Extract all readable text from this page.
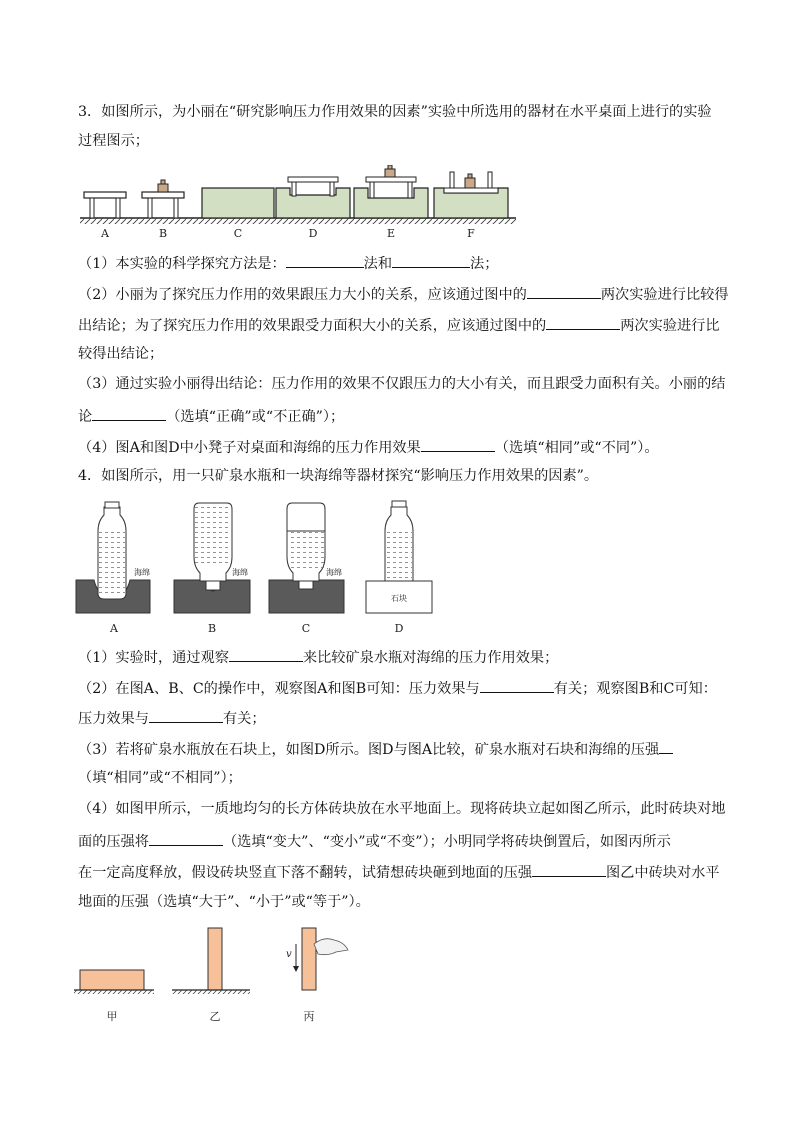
3．如图所示，为小丽在“研究影响压力作用效果的因素”实验中所选用的器材在水平桌面上进行的实验
过程图示；
A	B	C	D	E	F
（1）本实验的科学探究方法是：	法和	法；
（2）小丽为了探究压力作用的效果跟压力大小的关系，应该通过图中的	两次实验进行比较得
出结论；为了探究压力作用的效果跟受力面积大小的关系，应该通过图中的	两次实验进行比
较得出结论；
（3）通过实验小丽得出结论：压力作用的效果不仅跟压力的大小有关，而且跟受力面积有关。小丽的结
论	（选填“正确”或“不正确”）；
（4）图A和图D中小凳子对桌面和海绵的压力作用效果	（选填“相同”或“不同”）。
4．如图所示，用一只矿泉水瓶和一块海绵等器材探究“影响压力作用效果的因素”。
海绵	海绵	海绵
石块
A	B	C	D
（1）实验时，通过观察	来比较矿泉水瓶对海绵的压力作用效果；
（2）在图A、B、C的操作中，观察图A和图B可知：压力效果与	有关；观察图B和C可知：
压力效果与	有关；
（3）若将矿泉水瓶放在石块上，如图D所示。图D与图A比较，矿泉水瓶对石块和海绵的压强
（填“相同”或“不相同”）；
（4）如图甲所示，一质地均匀的长方体砖块放在水平地面上。现将砖块立起如图乙所示，此时砖块对地
面的压强将	（选填“变大”、“变小”或“不变”）；小明同学将砖块倒置后，如图丙所示
在一定高度释放，假设砖块竖直下落不翻转，试猜想砖块砸到地面的压强	图乙中砖块对水平
地面的压强（选填“大于”、“小于”或“等于”）。
v
甲	乙	丙
